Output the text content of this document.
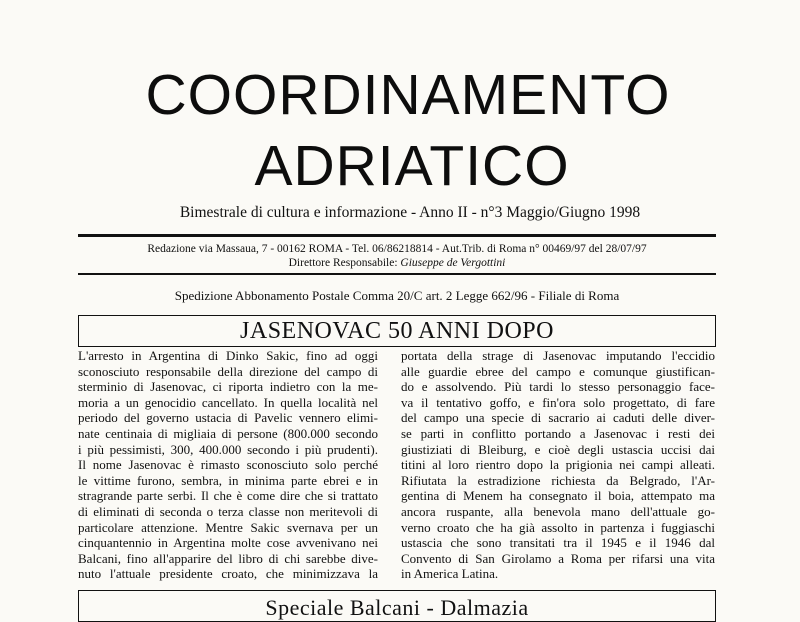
COORDINAMENTO
ADRIATICO

Bimestrale di cultura e informazione - Anno II - n°3 Maggio/Giugno 1998

Redazione via Massaua, 7 - 00162 ROMA - Tel. 06/86218814 - Aut.Trib. di Roma n° 00469/97 del 28/07/97
Direttore Responsabile: Giuseppe de Vergottini
Spedizione Abbonamento Postale Comma 20/C art. 2 Legge 662/96 - Filiale di Roma
JASENOVAC 50 ANNI DOPO
L'arresto in Argentina di Dinko Sakic, fino ad oggi
sconosciuto responsabile della direzione del campo di
sterminio di Jasenovac, ci riporta indietro con la me-
moria a un genocidio cancellato. In quella località nel
periodo del governo ustacia di Pavelic vennero elimi-
nate centinaia di migliaia di persone (800.000 secondo
i più pessimisti, 300, 400.000 secondo i più prudenti).
Il nome Jasenovac è rimasto sconosciuto solo perché
le vittime furono, sembra, in minima parte ebrei e in
stragrande parte serbi. Il che è come dire che si trattato
di eliminati di seconda o terza classe non meritevoli di
particolare attenzione. Mentre Sakic svernava per un
cinquantennio in Argentina molte cose avvenivano nei
Balcani, fino all'apparire del libro di chi sarebbe dive-
nuto l'attuale presidente croato, che minimizzava la
portata della strage di Jasenovac imputando l'eccidio
alle guardie ebree del campo e comunque giustifican-
do e assolvendo. Più tardi lo stesso personaggio face-
va il tentativo goffo, e fin'ora solo progettato, di fare
del campo una specie di sacrario ai caduti delle diver-
se parti in conflitto portando a Jasenovac i resti dei
giustiziati di Bleiburg, e cioè degli ustascia uccisi dai
titini al loro rientro dopo la prigionia nei campi alleati.
Rifiutata la estradizione richiesta da Belgrado, l'Ar-
gentina di Menem ha consegnato il boia, attempato ma
ancora ruspante, alla benevola mano dell'attuale go-
verno croato che ha già assolto in partenza i fuggiaschi
ustascia che sono transitati tra il 1945 e il 1946 dal
Convento di San Girolamo a Roma per rifarsi una vita
in America Latina.
Speciale Balcani - Dalmazia
